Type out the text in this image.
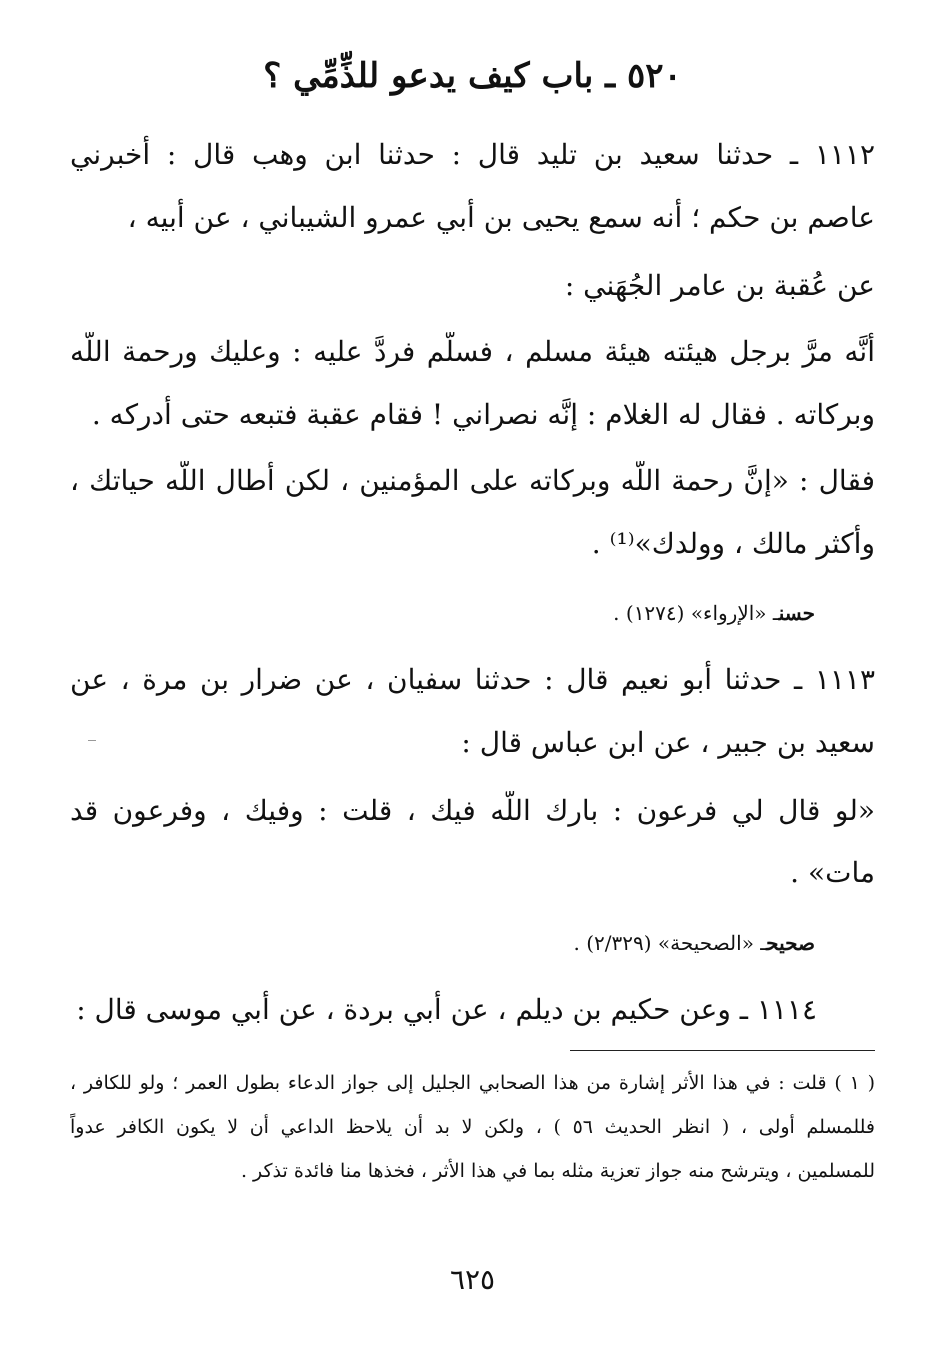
٥٢٠ ـ باب كيف يدعو للذِّمِّي ؟
١١١٢ ـ حدثنا سعيد بن تليد قال : حدثنا ابن وهب قال : أخبرني
عاصم بن حكم ؛ أنه سمع يحيى بن أبي عمرو الشيباني ، عن أبيه ،
عن عُقبة بن عامر الجُهَني :
أنَّه مرَّ برجل هيئته هيئة مسلم ، فسلَّم فردَّ عليه : وعليك ورحمة اللَّه
وبركاته . فقال له الغلام : إنَّه نصراني ! فقام عقبة فتبعه حتى أدركه .
فقال : «إنَّ رحمة اللَّه وبركاته على المؤمنين ، لكن أطال اللَّه حياتك ،
وأكثر مالك ، وولدك»⁽¹⁾ .
حسنـ «الإرواء» (١٢٧٤) .
١١١٣ ـ حدثنا أبو نعيم قال : حدثنا سفيان ، عن ضرار بن مرة ، عن
سعيد بن جبير ، عن ابن عباس قال :
«لو قال لي فرعون : بارك اللَّه فيك ، قلت : وفيك ، وفرعون قد
مات» .
صحيحـ «الصحيحة» (٢/٣٢٩) .
١١١٤ ـ وعن حكيم بن ديلم ، عن أبي بردة ، عن أبي موسى قال :
( ١ ) قلت : في هذا الأثر إشارة من هذا الصحابي الجليل إلى جواز الدعاء بطول العمر ؛ ولو للكافر ،
فللمسلم أولى ، ( انظر الحديث ٥٦ ) ، ولكن لا بد أن يلاحظ الداعي أن لا يكون الكافر عدواً
للمسلمين ، ويترشح منه جواز تعزية مثله بما في هذا الأثر ، فخذها منا فائدة تذكر .
٦٢٥
